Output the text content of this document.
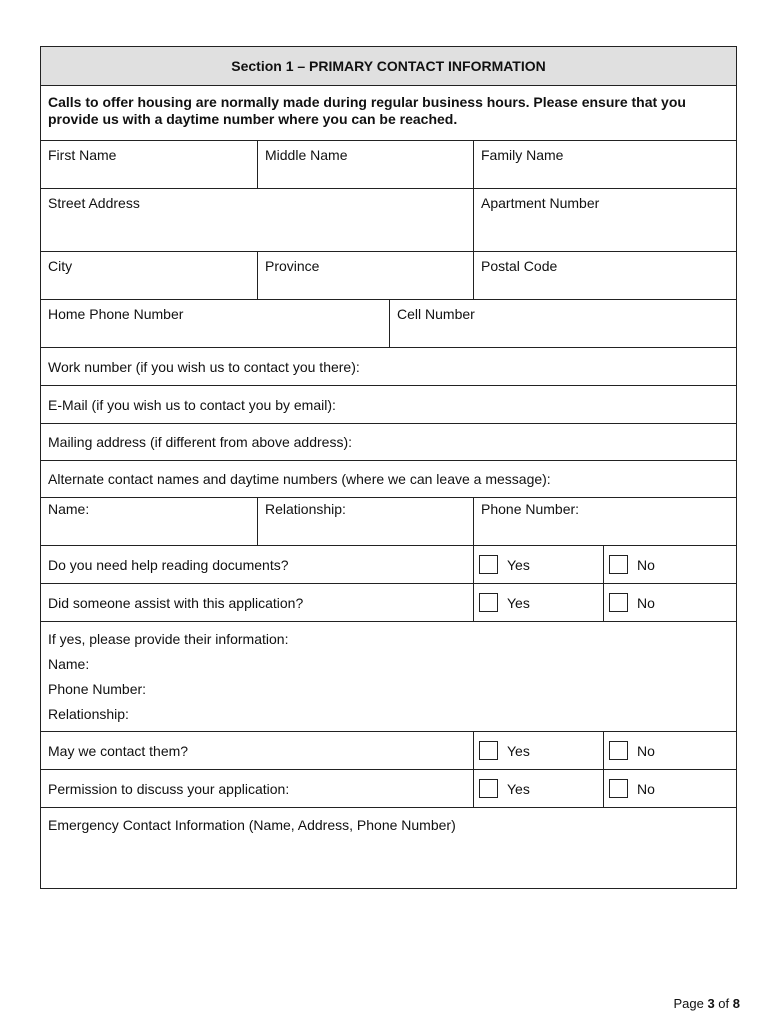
Section 1 – PRIMARY CONTACT INFORMATION
Calls to offer housing are normally made during regular business hours. Please ensure that you provide us with a daytime number where you can be reached.
First Name	Middle Name	Family Name
Street Address	Apartment Number
City	Province	Postal Code
Home Phone Number	Cell Number
Work number (if you wish us to contact you there):
E-Mail (if you wish us to contact you by email):
Mailing address (if different from above address):
Alternate contact names and daytime numbers (where we can leave a message):
Name:	Relationship:	Phone Number:
Do you need help reading documents?	Yes	No
Did someone assist with this application?	Yes	No
If yes, please provide their information:
Name:
Phone Number:
Relationship:
May we contact them?	Yes	No
Permission to discuss your application:	Yes	No
Emergency Contact Information (Name, Address, Phone Number)
Page 3 of 8
